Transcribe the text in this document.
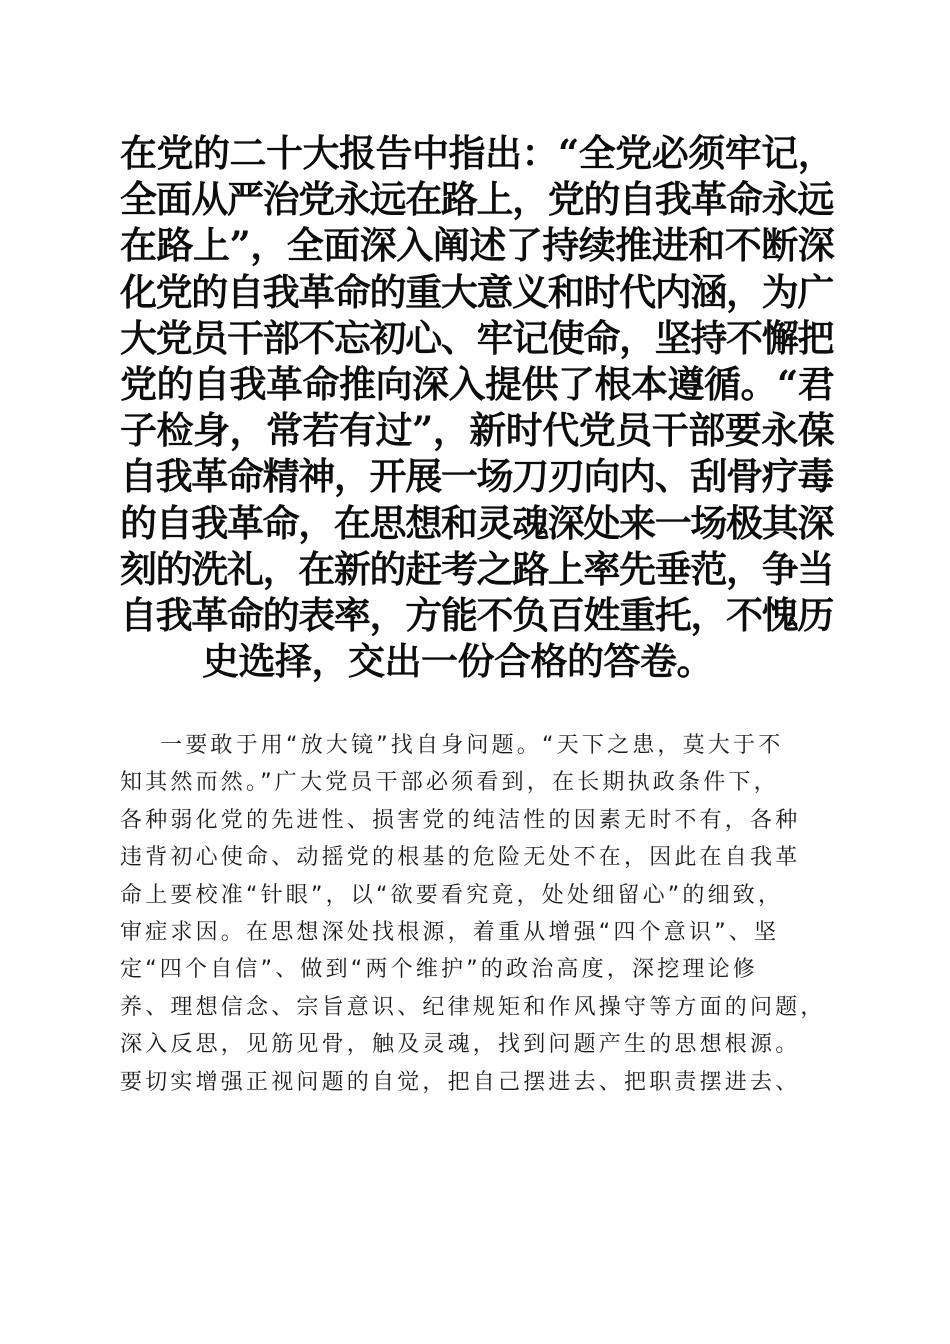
在党的二十大报告中指出：“全党必须牢记，
全面从严治党永远在路上，党的自我革命永远
在路上”，全面深入阐述了持续推进和不断深
化党的自我革命的重大意义和时代内涵，为广
大党员干部不忘初心、牢记使命，坚持不懈把
党的自我革命推向深入提供了根本遵循。“君
子检身，常若有过”，新时代党员干部要永葆
自我革命精神，开展一场刀刃向内、刮骨疗毒
的自我革命，在思想和灵魂深处来一场极其深
刻的洗礼，在新的赶考之路上率先垂范，争当
自我革命的表率，方能不负百姓重托，不愧历
史选择，交出一份合格的答卷。
一要敢于用“放大镜”找自身问题。“天下之患，莫大于不
知其然而然。”广大党员干部必须看到，在长期执政条件下，
各种弱化党的先进性、损害党的纯洁性的因素无时不有，各种
违背初心使命、动摇党的根基的危险无处不在，因此在自我革
命上要校准“针眼”，以“欲要看究竟，处处细留心”的细致，
审症求因。在思想深处找根源，着重从增强“四个意识”、坚
定“四个自信”、做到“两个维护”的政治高度，深挖理论修
养、理想信念、宗旨意识、纪律规矩和作风操守等方面的问题，
深入反思，见筋见骨，触及灵魂，找到问题产生的思想根源。
要切实增强正视问题的自觉，把自己摆进去、把职责摆进去、
